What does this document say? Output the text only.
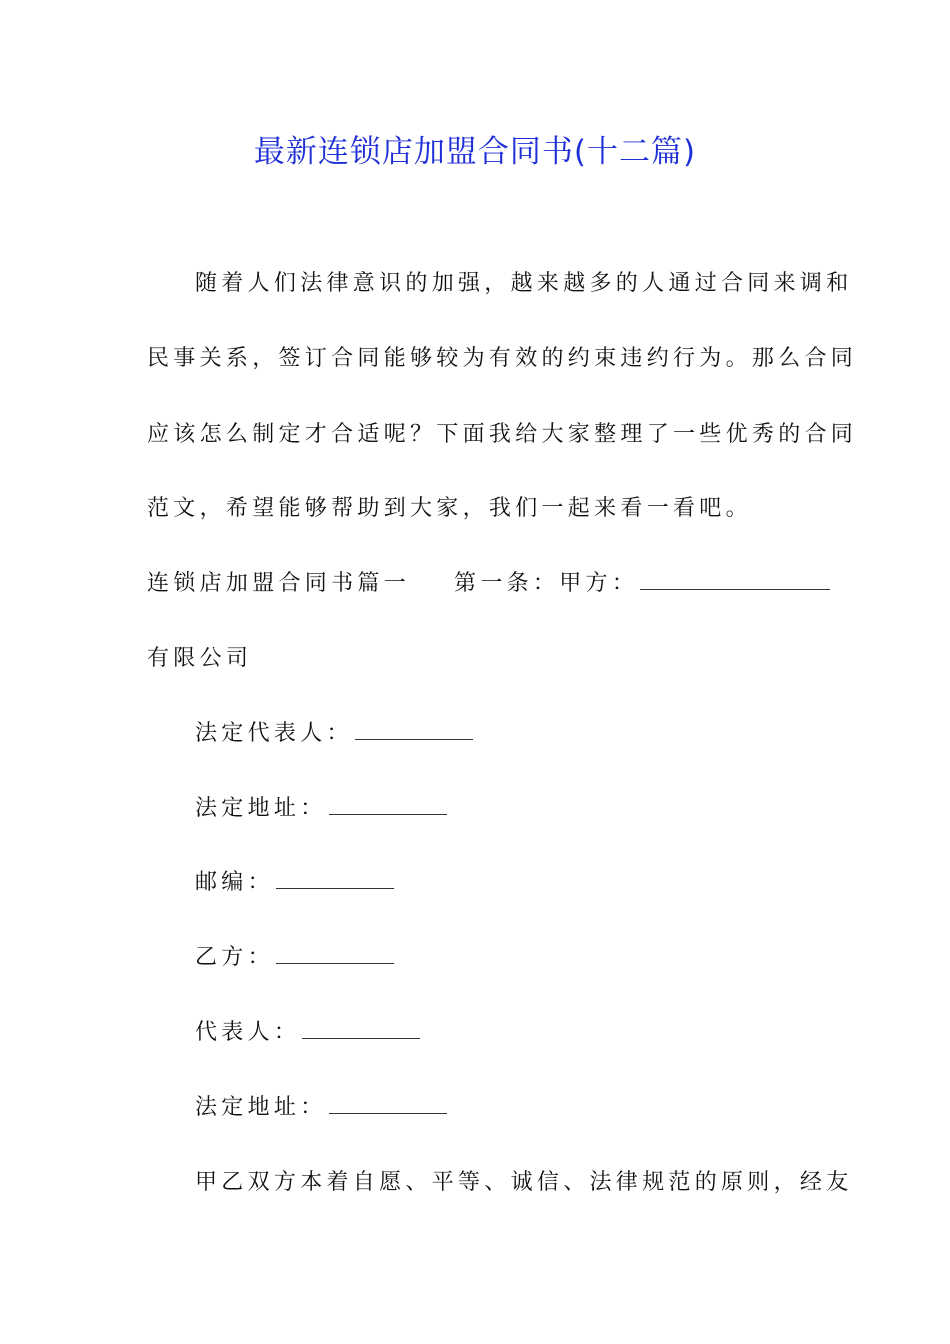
最新连锁店加盟合同书(十二篇)
随着人们法律意识的加强，越来越多的人通过合同来调和
民事关系，签订合同能够较为有效的约束违约行为。那么合同
应该怎么制定才合适呢？下面我给大家整理了一些优秀的合同
范文，希望能够帮助到大家，我们一起来看一看吧。
连锁店加盟合同书篇一 第一条：甲方：
有限公司
法定代表人：
法定地址：
邮编：
乙方：
代表人：
法定地址：
甲乙双方本着自愿、平等、诚信、法律规范的原则，经友
